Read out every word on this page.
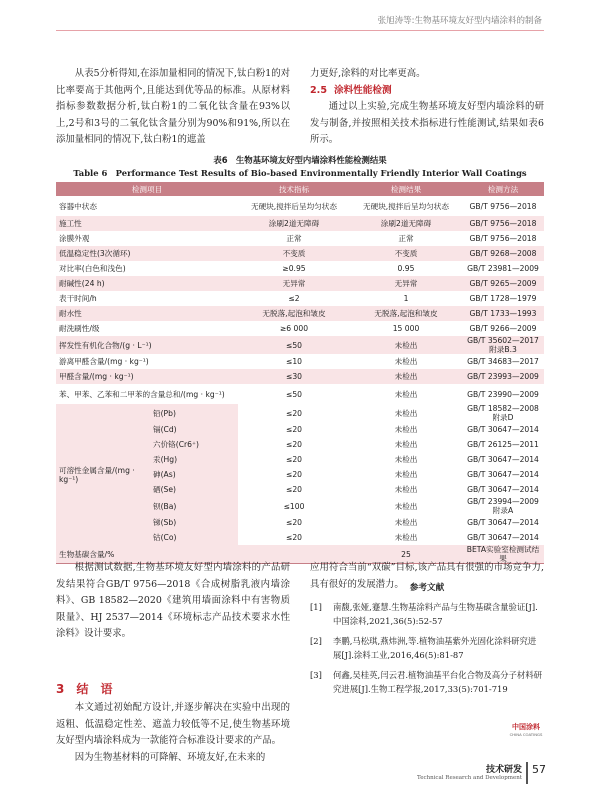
张旭涛等:生物基环境友好型内墙涂料的制备

从表5分析得知,在添加量相同的情况下,钛白粉1的对比率要高于其他两个,且能达到优等品的标准。从原材料指标参数数据分析,钛白粉1的二氧化钛含量在93%以上,2号和3号的二氧化钛含量分别为90%和91%,所以在添加量相同的情况下,钛白粉1的遮盖

力更好,涂料的对比率更高。

2.5 涂料性能检测

通过以上实验,完成生物基环境友好型内墙涂料的研发与制备,并按照相关技术指标进行性能测试,结果如表6所示。

表6　生物基环境友好型内墙涂料性能检测结果
Table 6　Performance Test Results of Bio-based Environmentally Friendly Interior Wall Coatings
检测项目		技术指标	检测结果	检测方法
容器中状态		无硬块,搅拌后呈均匀状态	无硬块,搅拌后呈均匀状态	GB/T 9756—2018
施工性		涂刷2道无障碍	涂刷2道无障碍	GB/T 9756—2018
涂膜外观		正常	正常	GB/T 9756—2018
低温稳定性(3次循环)		不变质	不变质	GB/T 9268—2008
对比率(白色和浅色)		≥0.95	0.95	GB/T 23981—2009
耐碱性(24 h)		无异常	无异常	GB/T 9265—2009
表干时间/h		≤2	1	GB/T 1728—1979
耐水性		无脱落,起泡和皱皮	无脱落,起泡和皱皮	GB/T 1733—1993
耐洗刷性/级		≥6 000	15 000	GB/T 9266—2009
挥发性有机化合物/(g · L⁻¹)		≤50	未检出	GB/T 35602—2017附录B.3
游离甲醛含量/(mg · kg⁻¹)		≤10	未检出	GB/T 34683—2017
甲醛含量/(mg · kg⁻¹)		≤30	未检出	GB/T 23993—2009
苯、甲苯、乙苯和二甲苯的含量总和/(mg · kg⁻¹)		≤50	未检出	GB/T 23990—2009
可溶性金属含量/(mg · kg⁻¹)	铅(Pb)	≤20	未检出	GB/T 18582—2008附录D
	镉(Cd)	≤20	未检出	GB/T 30647—2014
	六价铬(Cr6⁺)	≤20	未检出	GB/T 26125—2011
	汞(Hg)	≤20	未检出	GB/T 30647—2014
	砷(As)	≤20	未检出	GB/T 30647—2014
	硒(Se)	≤20	未检出	GB/T 30647—2014
	钡(Ba)	≤100	未检出	GB/T 23994—2009附录A
	锑(Sb)	≤20	未检出	GB/T 30647—2014
	钴(Co)	≤20	未检出	GB/T 30647—2014
生物基碳含量/%			25	BETA实验室检测试结果

根据测试数据,生物基环境友好型内墙涂料的产品研发结果符合GB/T 9756—2018《合成树脂乳液内墙涂料》、GB 18582—2020《建筑用墙面涂料中有害物质限量》、HJ 2537—2014《环境标志产品技术要求水性涂料》设计要求。

3 结　语

本文通过初始配方设计,并逐步解决在实验中出现的返粗、低温稳定性差、遮盖力较低等不足,使生物基环境友好型内墙涂料成为一款能符合标准设计要求的产品。

因为生物基材料的可降解、环境友好,在未来的

应用符合当前“双碳”目标,该产品具有很强的市场竞争力,具有很好的发展潜力。 参考文献
[1] 南馥,张娅,蹇慧.生物基涂料产品与生物基碳含量验证[J].中国涂料,2021,36(5):52-57
[2] 李鹏,马松琪,燕炜洲,等.植物油基紫外光固化涂料研究进展[J].涂料工业,2016,46(5):81-87
[3] 何鑫,吴桂英,闫云君.植物油基平台化合物及高分子材料研究进展[J].生物工程学报,2017,33(5):701-719
中国涂料
CHINA COATINGS
技术研发
Technical Research and Development
57
